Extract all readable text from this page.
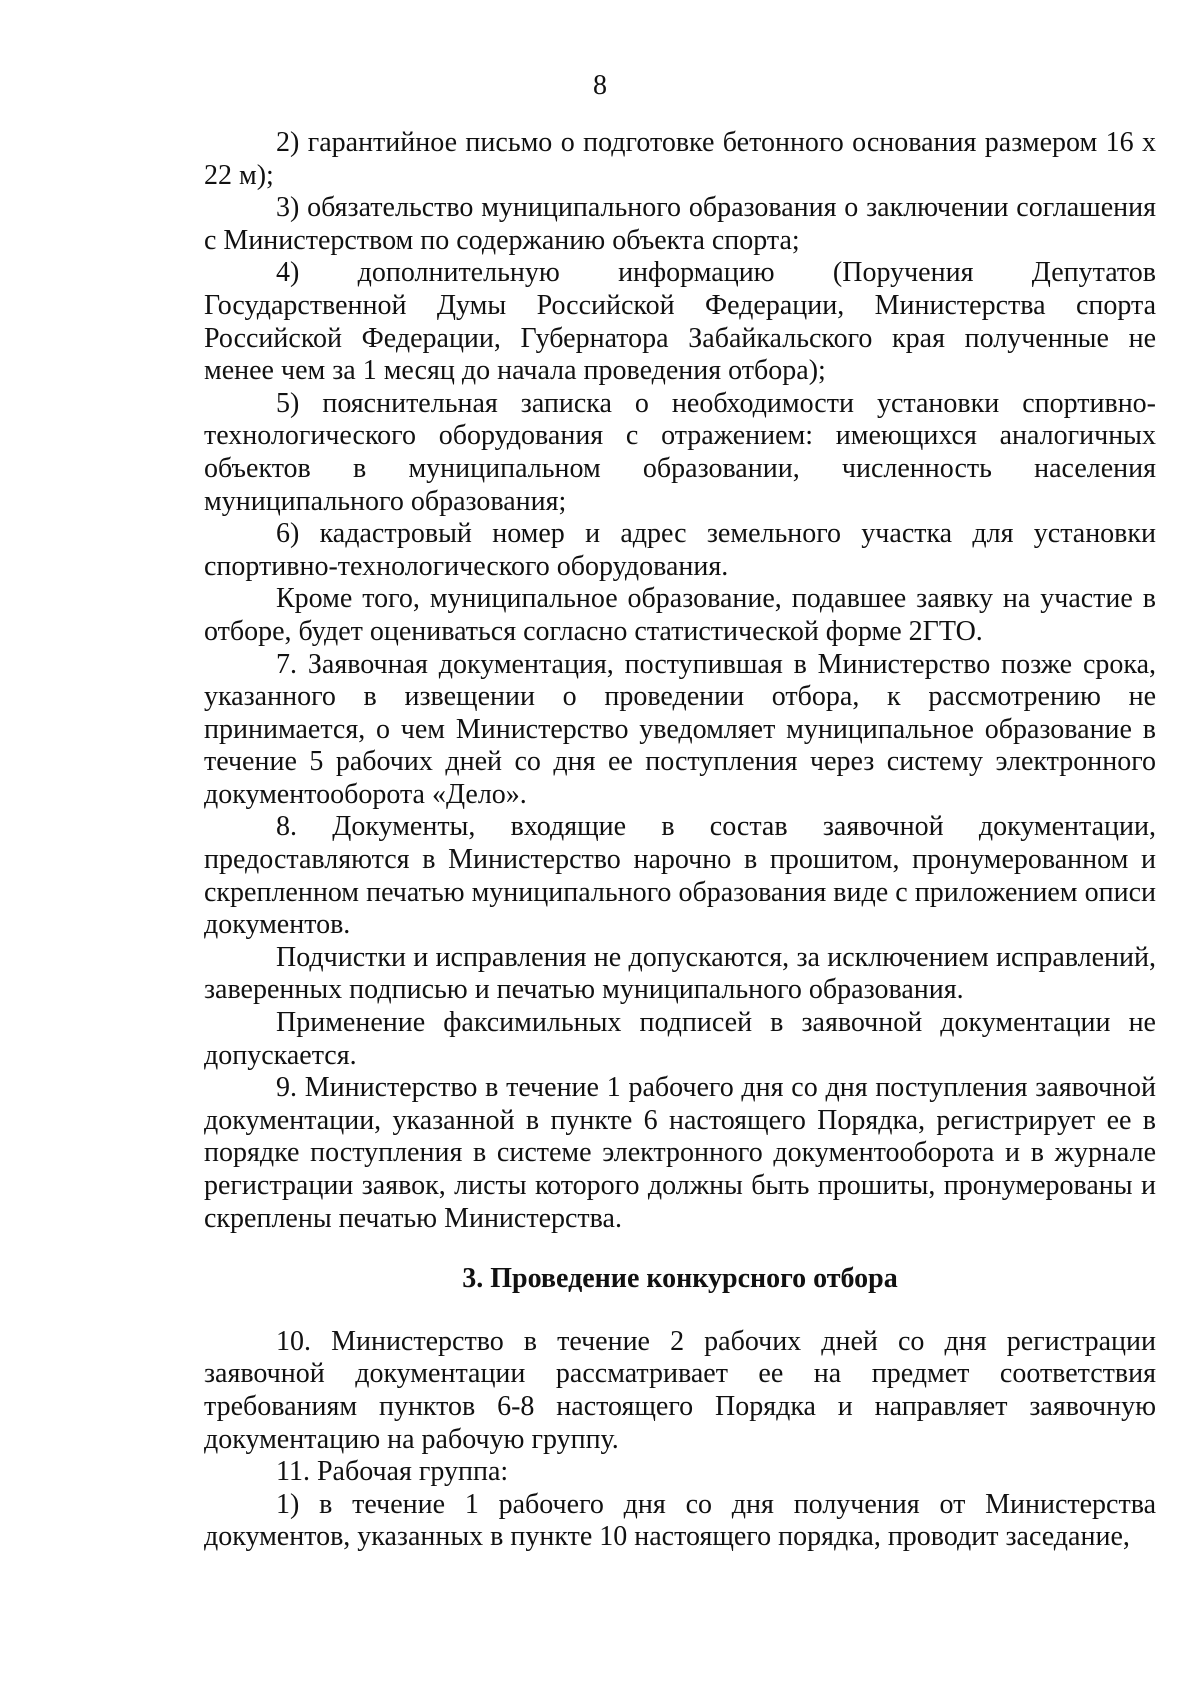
8

2) гарантийное письмо о подготовке бетонного основания размером 16 х 22 м);

3) обязательство муниципального образования о заключении соглашения с Министерством по содержанию объекта спорта;

4) дополнительную информацию (Поручения Депутатов Государственной Думы Российской Федерации, Министерства спорта Российской Федерации, Губернатора Забайкальского края полученные не менее чем за 1 месяц до начала проведения отбора);

5) пояснительная записка о необходимости установки спортивно-технологического оборудования с отражением: имеющихся аналогичных объектов в муниципальном образовании, численность населения муниципального образования;

6) кадастровый номер и адрес земельного участка для установки спортивно-технологического оборудования.

Кроме того, муниципальное образование, подавшее заявку на участие в отборе, будет оцениваться согласно статистической форме 2ГТО.

7. Заявочная документация, поступившая в Министерство позже срока, указанного в извещении о проведении отбора, к рассмотрению не принимается, о чем Министерство уведомляет муниципальное образование в течение 5 рабочих дней со дня ее поступления через систему электронного документооборота «Дело».

8. Документы, входящие в состав заявочной документации, предоставляются в Министерство нарочно в прошитом, пронумерованном и скрепленном печатью муниципального образования виде с приложением описи документов.

Подчистки и исправления не допускаются, за исключением исправлений, заверенных подписью и печатью муниципального образования.

Применение факсимильных подписей в заявочной документации не допускается.

9. Министерство в течение 1 рабочего дня со дня поступления заявочной документации, указанной в пункте 6 настоящего Порядка, регистрирует ее в порядке поступления в системе электронного документооборота и в журнале регистрации заявок, листы которого должны быть прошиты, пронумерованы и скреплены печатью Министерства.

3. Проведение конкурсного отбора

10. Министерство в течение 2 рабочих дней со дня регистрации заявочной документации рассматривает ее на предмет соответствия требованиям пунктов 6-8 настоящего Порядка и направляет заявочную документацию на рабочую группу.

11. Рабочая группа:

1) в течение 1 рабочего дня со дня получения от Министерства документов, указанных в пункте 10 настоящего порядка, проводит заседание,
